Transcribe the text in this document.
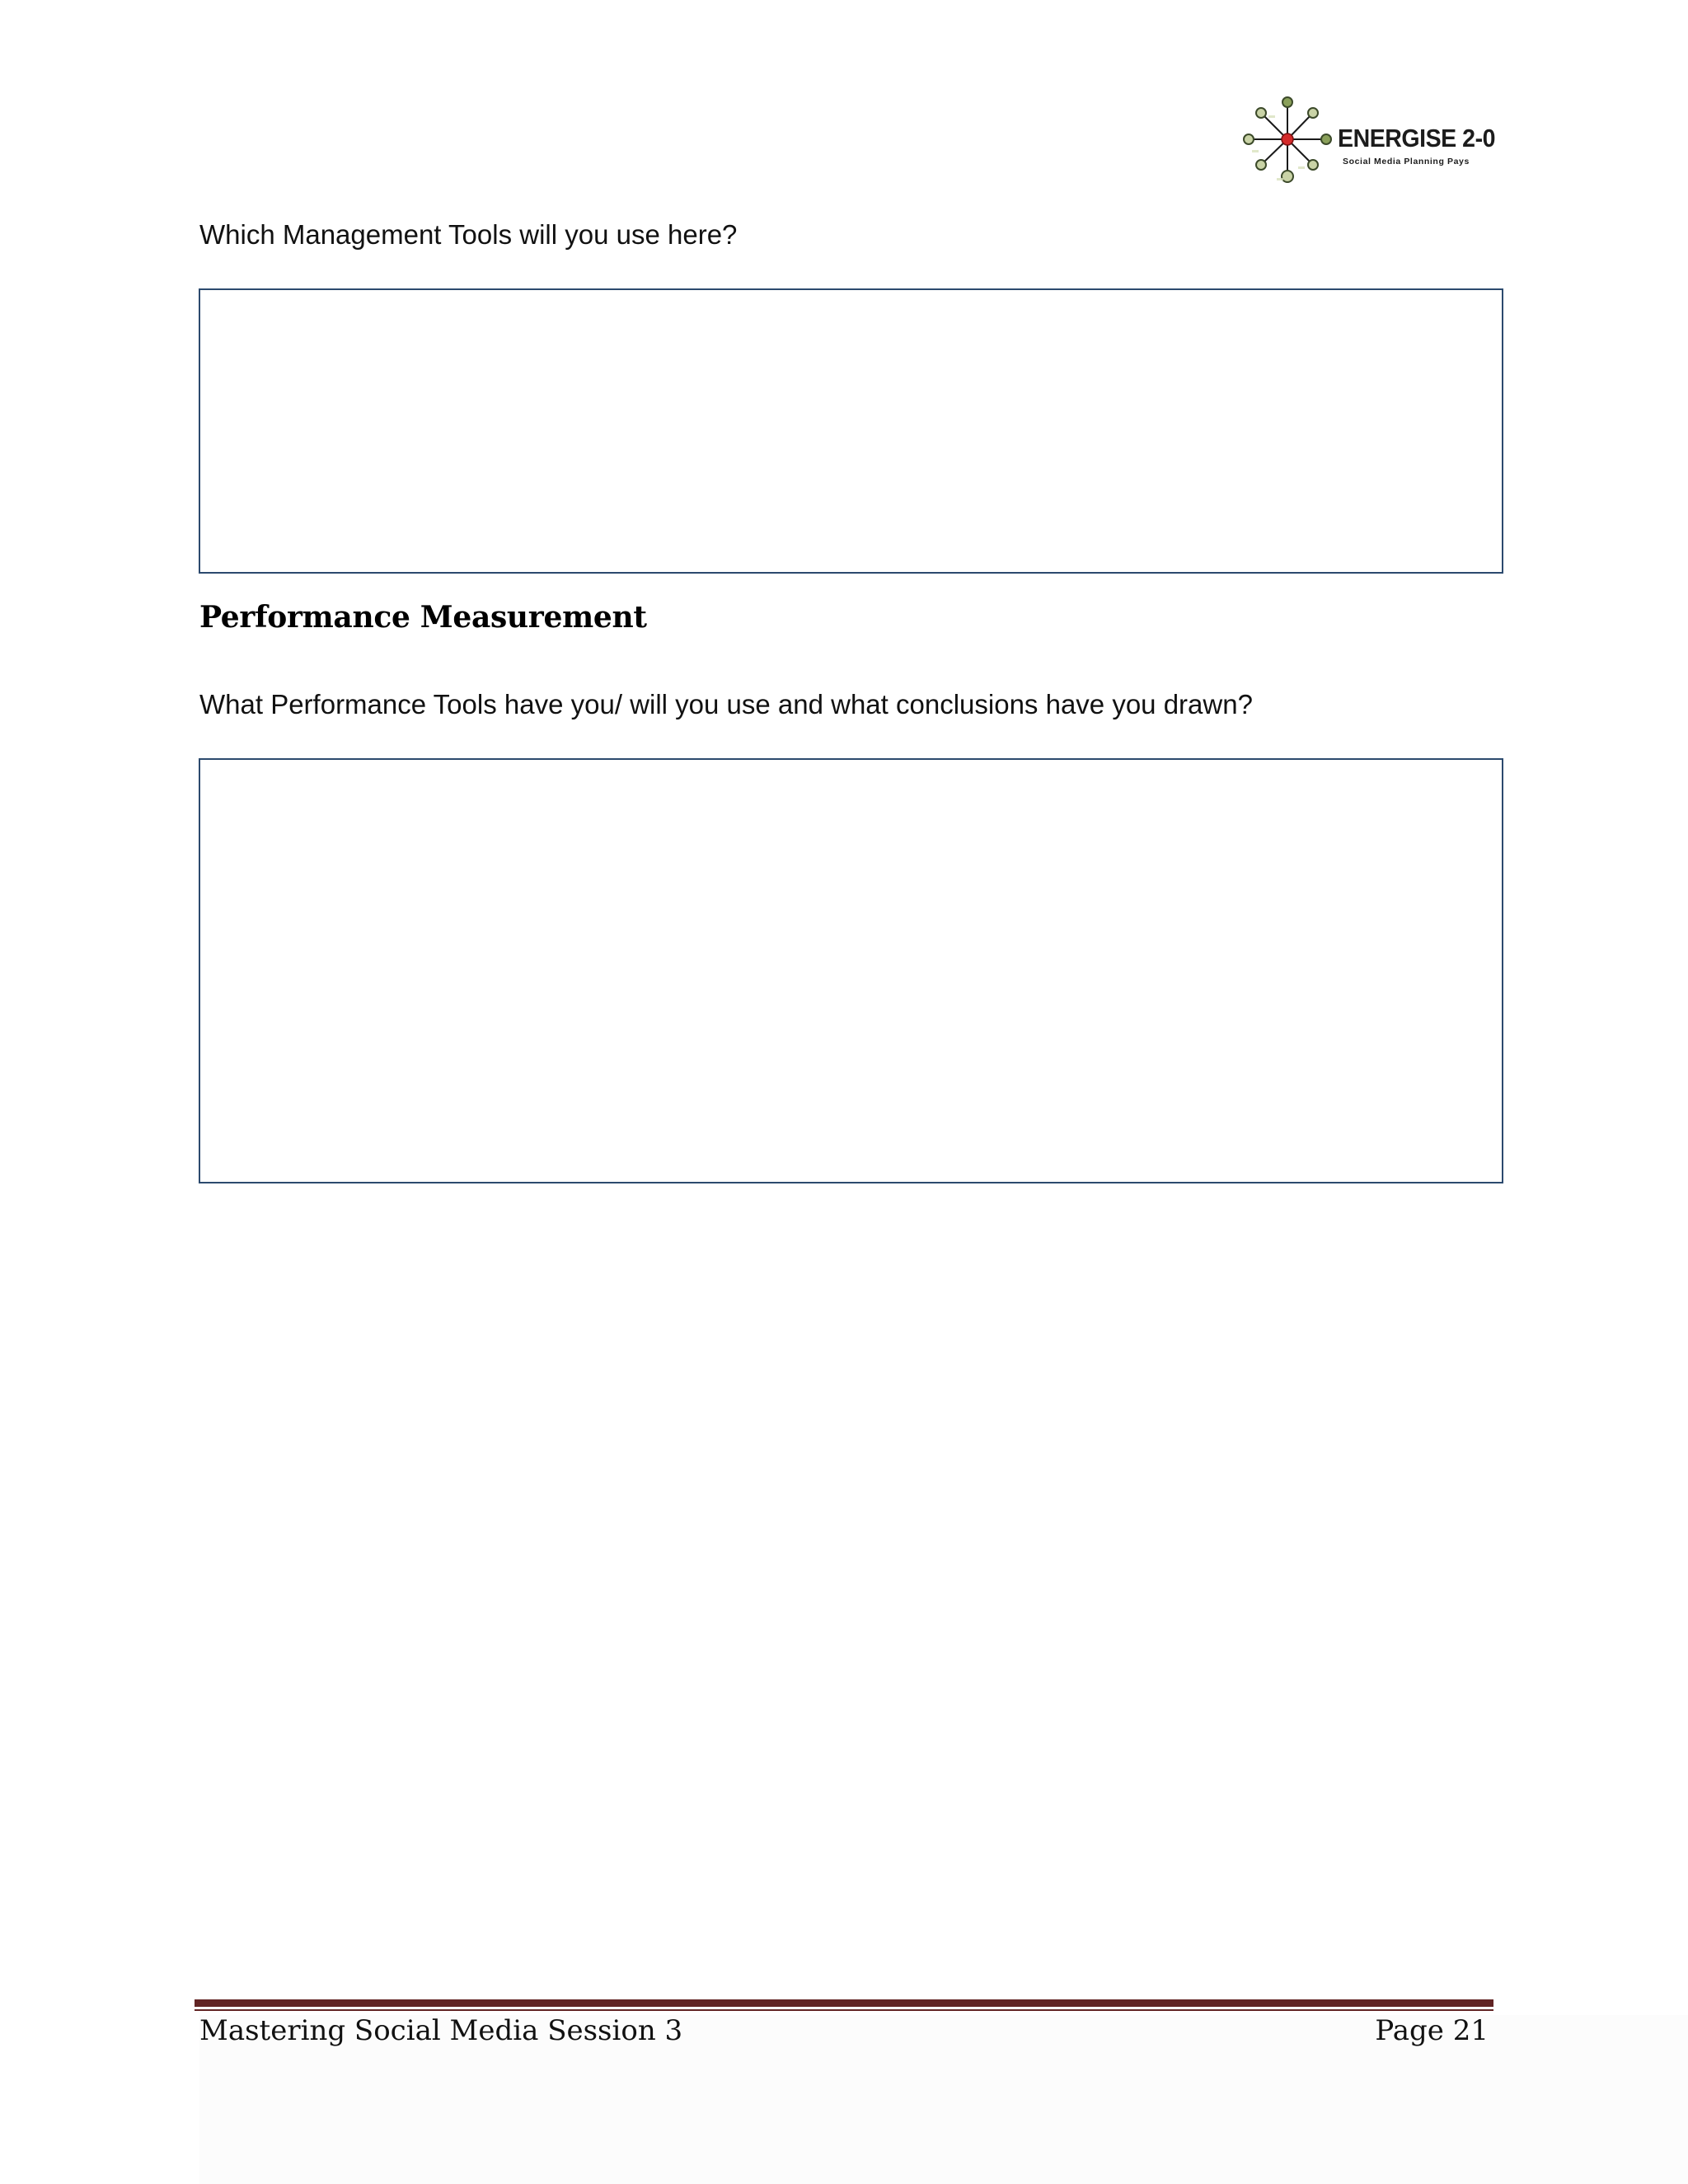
ENERGISE 2-0
Social Media Planning Pays
Which Management Tools will you use here?
Performance Measurement
What Performance Tools have you/ will you use and what conclusions have you drawn?
Mastering Social Media Session 3	Page 21
